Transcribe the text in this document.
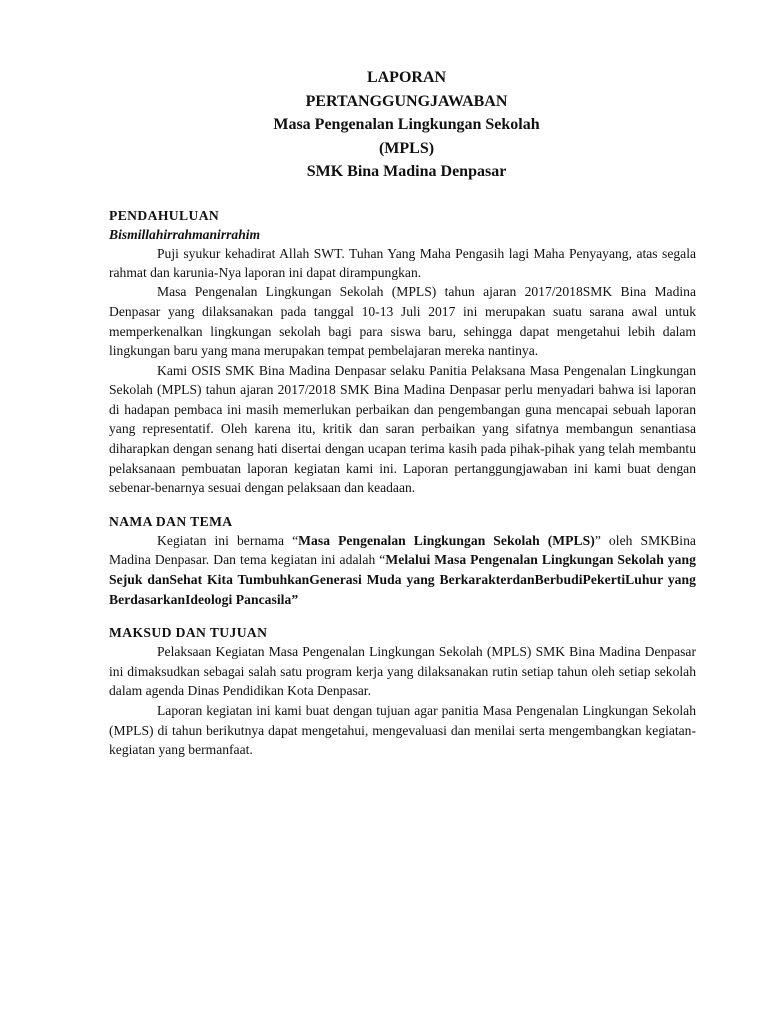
LAPORAN
PERTANGGUNGJAWABAN
Masa Pengenalan Lingkungan Sekolah
(MPLS)
SMK Bina Madina Denpasar
PENDAHULUAN

Bismillahirrahmanirrahim

Puji syukur kehadirat Allah SWT. Tuhan Yang Maha Pengasih lagi Maha Penyayang, atas segala rahmat dan karunia-Nya laporan ini dapat dirampungkan.

Masa Pengenalan Lingkungan Sekolah (MPLS) tahun ajaran 2017/2018SMK Bina Madina Denpasar yang dilaksanakan pada tanggal 10-13 Juli 2017 ini merupakan suatu sarana awal untuk memperkenalkan lingkungan sekolah bagi para siswa baru, sehingga dapat mengetahui lebih dalam lingkungan baru yang mana merupakan tempat pembelajaran mereka nantinya.

Kami OSIS SMK Bina Madina Denpasar selaku Panitia Pelaksana Masa Pengenalan Lingkungan Sekolah (MPLS) tahun ajaran 2017/2018 SMK Bina Madina Denpasar perlu menyadari bahwa isi laporan di hadapan pembaca ini masih memerlukan perbaikan dan pengembangan guna mencapai sebuah laporan yang representatif. Oleh karena itu, kritik dan saran perbaikan yang sifatnya membangun senantiasa diharapkan dengan senang hati disertai dengan ucapan terima kasih pada pihak-pihak yang telah membantu pelaksanaan pembuatan laporan kegiatan kami ini. Laporan pertanggungjawaban ini kami buat dengan sebenar-benarnya sesuai dengan pelaksaan dan keadaan.

NAMA DAN TEMA

Kegiatan ini bernama “Masa Pengenalan Lingkungan Sekolah (MPLS)” oleh SMKBina Madina Denpasar. Dan tema kegiatan ini adalah “Melalui Masa Pengenalan Lingkungan Sekolah yang Sejuk danSehat Kita TumbuhkanGenerasi Muda yang BerkarakterdanBerbudiPekertiLuhur yang BerdasarkanIdeologi Pancasila”

MAKSUD DAN TUJUAN

Pelaksaan Kegiatan Masa Pengenalan Lingkungan Sekolah (MPLS) SMK Bina Madina Denpasar ini dimaksudkan sebagai salah satu program kerja yang dilaksanakan rutin setiap tahun oleh setiap sekolah dalam agenda Dinas Pendidikan Kota Denpasar.

Laporan kegiatan ini kami buat dengan tujuan agar panitia Masa Pengenalan Lingkungan Sekolah (MPLS) di tahun berikutnya dapat mengetahui, mengevaluasi dan menilai serta mengembangkan kegiatan-kegiatan yang bermanfaat.
